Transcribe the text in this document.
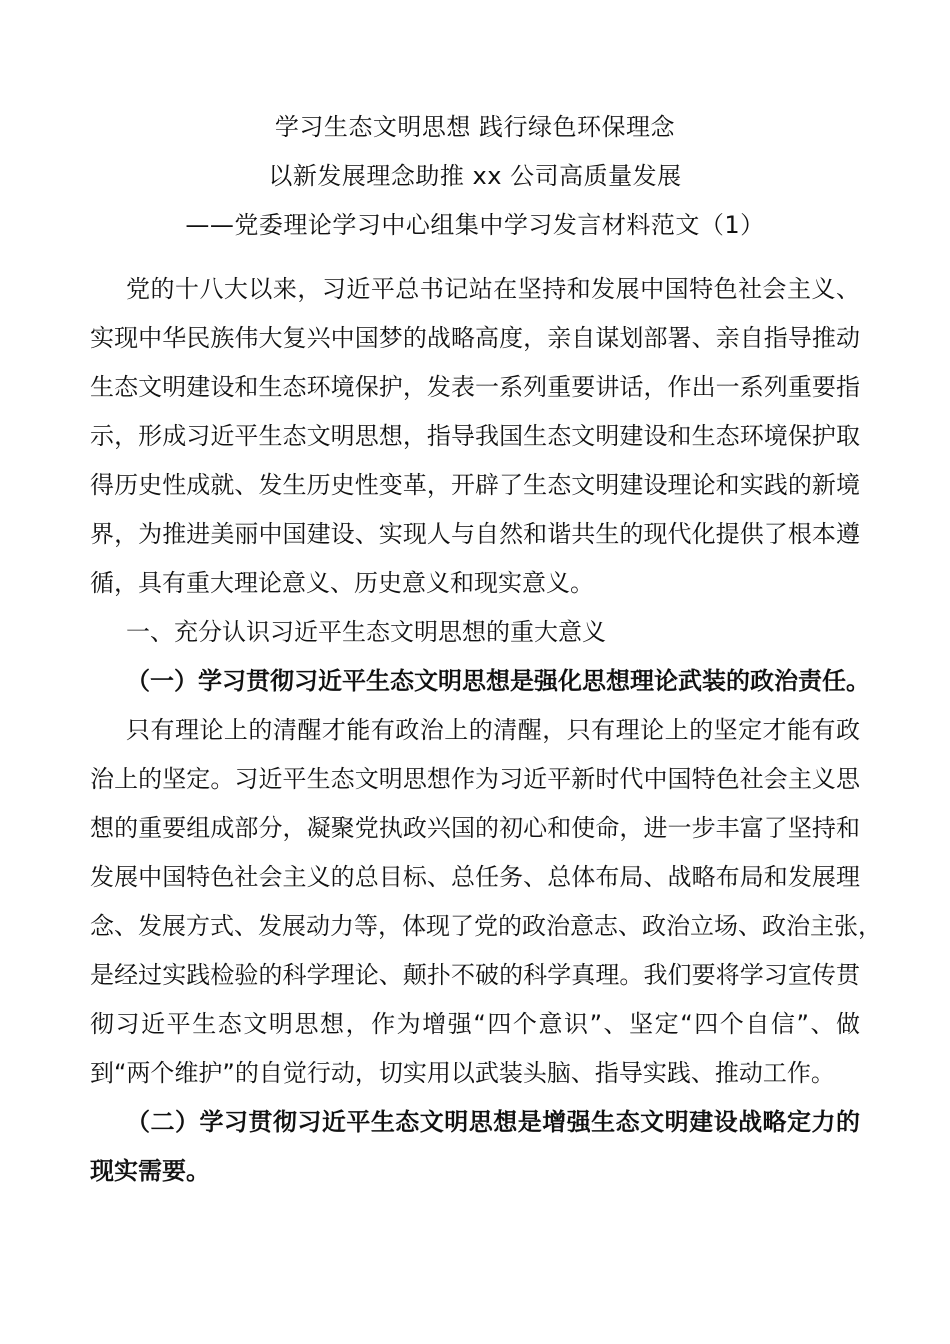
学习生态文明思想 践行绿色环保理念
以新发展理念助推 xx 公司高质量发展
——党委理论学习中心组集中学习发言材料范文（1）

党的十八大以来，习近平总书记站在坚持和发展中国特色社会主义、
实现中华民族伟大复兴中国梦的战略高度，亲自谋划部署、亲自指导推动
生态文明建设和生态环境保护，发表一系列重要讲话，作出一系列重要指
示，形成习近平生态文明思想，指导我国生态文明建设和生态环境保护取
得历史性成就、发生历史性变革，开辟了生态文明建设理论和实践的新境
界，为推进美丽中国建设、实现人与自然和谐共生的现代化提供了根本遵
循，具有重大理论意义、历史意义和现实意义。

一、充分认识习近平生态文明思想的重大意义

（一）学习贯彻习近平生态文明思想是强化思想理论武装的政治责任。

只有理论上的清醒才能有政治上的清醒，只有理论上的坚定才能有政
治上的坚定。习近平生态文明思想作为习近平新时代中国特色社会主义思
想的重要组成部分，凝聚党执政兴国的初心和使命，进一步丰富了坚持和
发展中国特色社会主义的总目标、总任务、总体布局、战略布局和发展理
念、发展方式、发展动力等，体现了党的政治意志、政治立场、政治主张，
是经过实践检验的科学理论、颠扑不破的科学真理。我们要将学习宣传贯
彻习近平生态文明思想，作为增强“四个意识”、坚定“四个自信”、做
到“两个维护”的自觉行动，切实用以武装头脑、指导实践、推动工作。

（二）学习贯彻习近平生态文明思想是增强生态文明建设战略定力的
现实需要。
